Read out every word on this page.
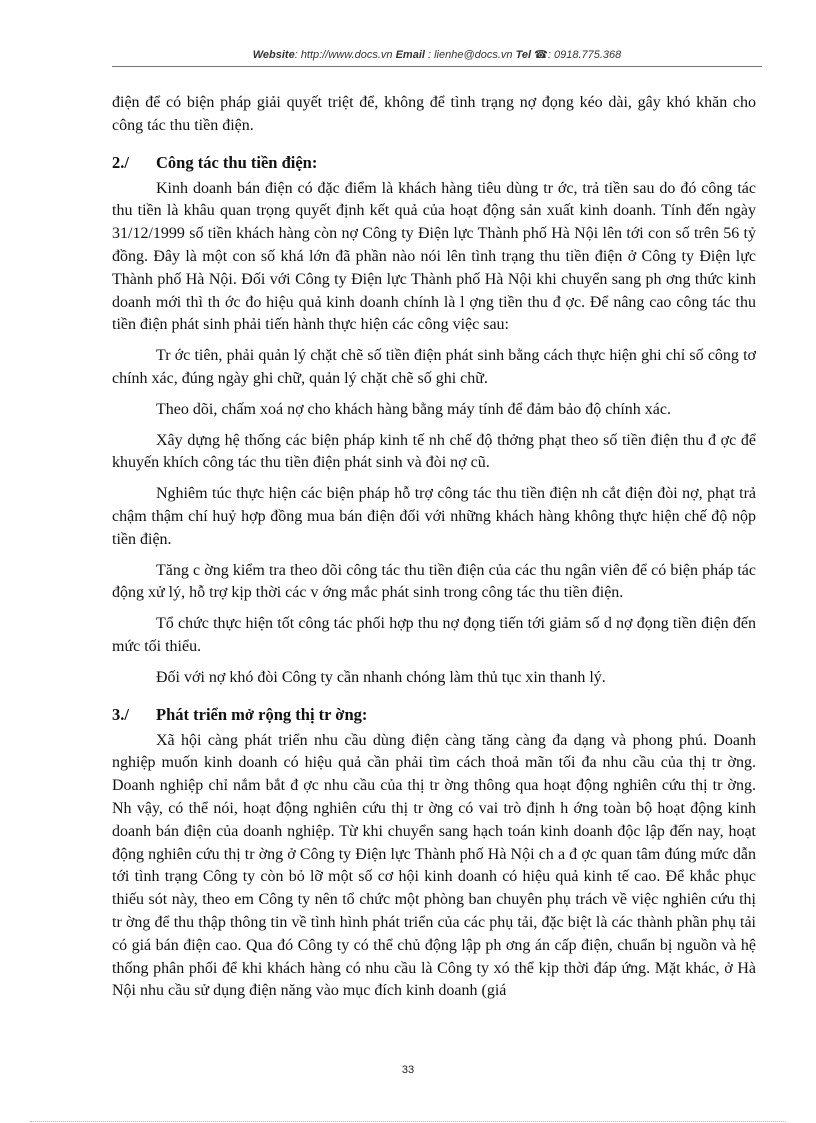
Website: http://www.docs.vn Email : lienhe@docs.vn Tel ☎: 0918.775.368

điện để có biện pháp giải quyết triệt để, không để tình trạng nợ đọng kéo dài, gây khó khăn cho công tác thu tiền điện.

2./	Công tác thu tiền điện:

Kinh doanh bán điện có đặc điểm là khách hàng tiêu dùng tr ớc, trả tiền sau do đó công tác thu tiền là khâu quan trọng quyết định kết quả của hoạt động sản xuất kinh doanh. Tính đến ngày 31/12/1999 số tiền khách hàng còn nợ Công ty Điện lực Thành phố Hà Nội lên tới con số trên 56 tỷ đồng. Đây là một con số khá lớn đã phần nào nói lên tình trạng thu tiền điện ở Công ty Điện lực Thành phố Hà Nội. Đối với Công ty Điện lực Thành phố Hà Nội khi chuyển sang ph ơng thức kinh doanh mới thì th ớc đo hiệu quả kinh doanh chính là l ợng tiền thu đ ợc. Để nâng cao công tác thu tiền điện phát sinh phải tiến hành thực hiện các công việc sau:

Tr ớc tiên, phải quản lý chặt chẽ số tiền điện phát sinh bằng cách thực hiện ghi chỉ số công tơ chính xác, đúng ngày ghi chữ, quản lý chặt chẽ số ghi chữ.

Theo dõi, chấm xoá nợ cho khách hàng bằng máy tính để đảm bảo độ chính xác.

Xây dựng hệ thống các biện pháp kinh tế nh chế độ thởng phạt theo số tiền điện thu đ ợc để khuyến khích công tác thu tiền điện phát sinh và đòi nợ cũ.

Nghiêm túc thực hiện các biện pháp hỗ trợ công tác thu tiền điện nh cắt điện đòi nợ, phạt trả chậm thậm chí huỷ hợp đồng mua bán điện đối với những khách hàng không thực hiện chế độ nộp tiền điện.

Tăng c ờng kiểm tra theo dõi công tác thu tiền điện của các thu ngân viên để có biện pháp tác động xử lý, hỗ trợ kịp thời các v ớng mắc phát sinh trong công tác thu tiền điện.

Tổ chức thực hiện tốt công tác phối hợp thu nợ đọng tiến tới giảm số d nợ đọng tiền điện đến mức tối thiểu.

Đối với nợ khó đòi Công ty cần nhanh chóng làm thủ tục xin thanh lý.

3./	Phát triển mở rộng thị tr ờng:

Xã hội càng phát triển nhu cầu dùng điện càng tăng càng đa dạng và phong phú. Doanh nghiệp muốn kinh doanh có hiệu quả cần phải tìm cách thoả mãn tối đa nhu cầu của thị tr ờng. Doanh nghiệp chỉ nắm bắt đ ợc nhu cầu của thị tr ờng thông qua hoạt động nghiên cứu thị tr ờng. Nh vậy, có thể nói, hoạt động nghiên cứu thị tr ờng có vai trò định h ớng toàn bộ hoạt động kinh doanh bán điện của doanh nghiệp. Từ khi chuyển sang hạch toán kinh doanh độc lập đến nay, hoạt động nghiên cứu thị tr ờng ở Công ty Điện lực Thành phố Hà Nội ch a đ ợc quan tâm đúng mức dẫn tới tình trạng Công ty còn bỏ lỡ một số cơ hội kinh doanh có hiệu quả kinh tế cao. Để khắc phục thiếu sót này, theo em Công ty nên tổ chức một phòng ban chuyên phụ trách về việc nghiên cứu thị tr ờng để thu thập thông tin về tình hình phát triển của các phụ tải, đặc biệt là các thành phần phụ tải có giá bán điện cao. Qua đó Công ty có thể chủ động lập ph ơng án cấp điện, chuẩn bị nguồn và hệ thống phân phối để khi khách hàng có nhu cầu là Công ty xó thể kịp thời đáp ứng. Mặt khác, ở Hà Nội nhu cầu sử dụng điện năng vào mục đích kinh doanh (giá

33
